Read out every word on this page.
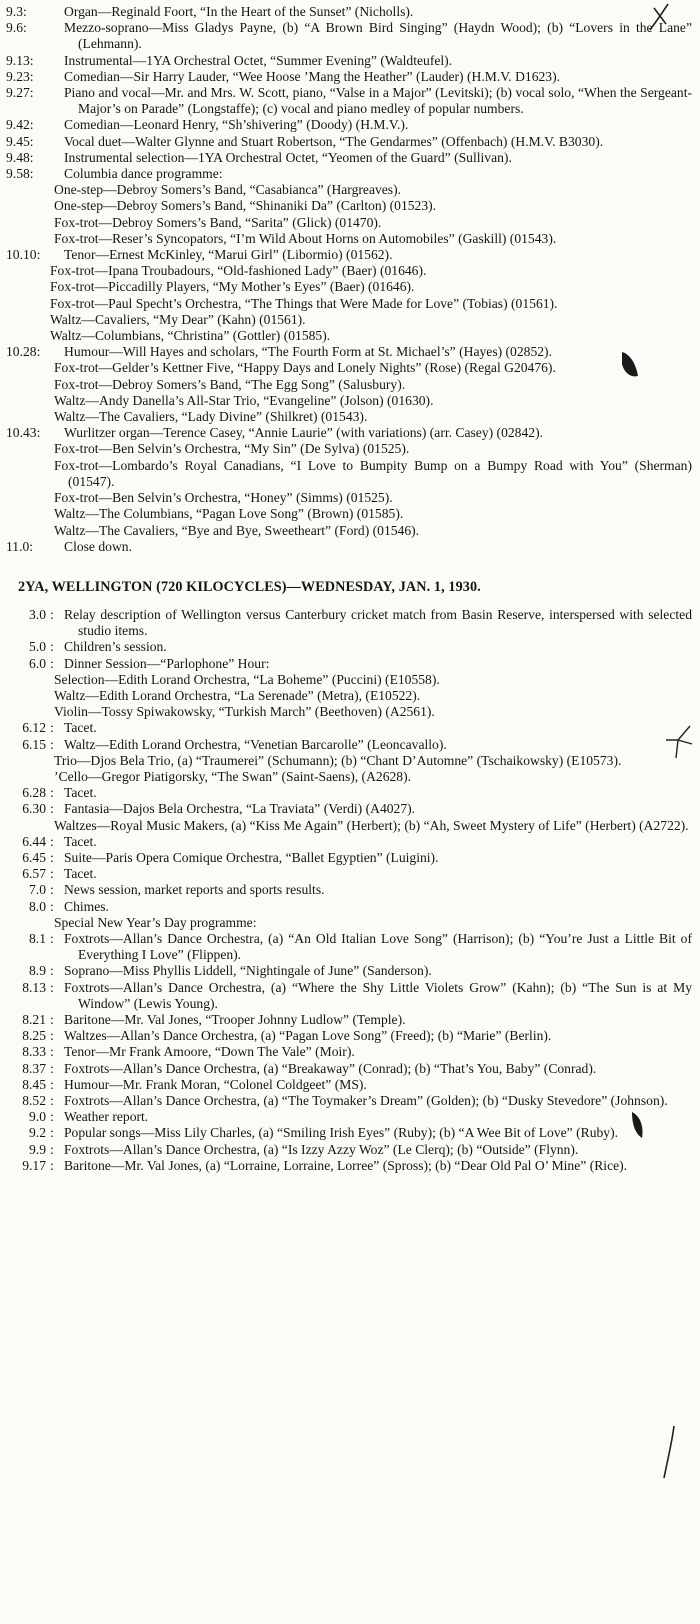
9.3:	Organ—Reginald Foort, “In the Heart of the Sunset” (Nicholls).
9.6:	Mezzo-soprano—Miss Gladys Payne, (b) “A Brown Bird Singing” (Haydn Wood); (b) “Lovers in the Lane” (Lehmann).
9.13:	Instrumental—1YA Orchestral Octet, “Summer Evening” (Waldteufel).
9.23:	Comedian—Sir Harry Lauder, “Wee Hoose ’Mang the Heather” (Lauder) (H.M.V. D1623).
9.27:	Piano and vocal—Mr. and Mrs. W. Scott, piano, “Valse in a Major” (Levitski); (b) vocal solo, “When the Sergeant-Major’s on Parade” (Longstaffe); (c) vocal and piano medley of popular numbers.
9.42:	Comedian—Leonard Henry, “Sh’shivering” (Doody) (H.M.V.).
9.45:	Vocal duet—Walter Glynne and Stuart Robertson, “The Gendarmes” (Offenbach) (H.M.V. B3030).
9.48:	Instrumental selection—1YA Orchestral Octet, “Yeomen of the Guard” (Sullivan).
9.58:	Columbia dance programme:
One-step—Debroy Somers’s Band, “Casabianca” (Hargreaves).
One-step—Debroy Somers’s Band, “Shinaniki Da” (Carlton) (01523).
Fox-trot—Debroy Somers’s Band, “Sarita” (Glick) (01470).
Fox-trot—Reser’s Syncopators, “I’m Wild About Horns on Automobiles” (Gaskill) (01543).
10.10:	Tenor—Ernest McKinley, “Marui Girl” (Libormio) (01562).
Fox-trot—Ipana Troubadours, “Old-fashioned Lady” (Baer) (01646).
Fox-trot—Piccadilly Players, “My Mother’s Eyes” (Baer) (01646).
Fox-trot—Paul Specht’s Orchestra, “The Things that Were Made for Love” (Tobias) (01561).
Waltz—Cavaliers, “My Dear” (Kahn) (01561).
Waltz—Columbians, “Christina” (Gottler) (01585).
10.28:	Humour—Will Hayes and scholars, “The Fourth Form at St. Michael’s” (Hayes) (02852).
Fox-trot—Gelder’s Kettner Five, “Happy Days and Lonely Nights” (Rose) (Regal G20476).
Fox-trot—Debroy Somers’s Band, “The Egg Song” (Salusbury).
Waltz—Andy Danella’s All-Star Trio, “Evangeline” (Jolson) (01630).
Waltz—The Cavaliers, “Lady Divine” (Shilkret) (01543).
10.43:	Wurlitzer organ—Terence Casey, “Annie Laurie” (with variations) (arr. Casey) (02842).
Fox-trot—Ben Selvin’s Orchestra, “My Sin” (De Sylva) (01525).
Fox-trot—Lombardo’s Royal Canadians, “I Love to Bumpity Bump on a Bumpy Road with You” (Sherman) (01547).
Fox-trot—Ben Selvin’s Orchestra, “Honey” (Simms) (01525).
Waltz—The Columbians, “Pagan Love Song” (Brown) (01585).
Waltz—The Cavaliers, “Bye and Bye, Sweetheart” (Ford) (01546).
11.0:	Close down.
2YA, WELLINGTON (720 KILOCYCLES)—WEDNESDAY, JAN. 1, 1930.
3.0 : Relay description of Wellington versus Canterbury cricket match from Basin Reserve, interspersed with selected studio items.
5.0 : Children’s session.
6.0 : Dinner Session—“Parlophone” Hour:
Selection—Edith Lorand Orchestra, “La Boheme” (Puccini) (E10558).
Waltz—Edith Lorand Orchestra, “La Serenade” (Metra), (E10522).
Violin—Tossy Spiwakowsky, “Turkish March” (Beethoven) (A2561).
6.12 : Tacet.
6.15 : Waltz—Edith Lorand Orchestra, “Venetian Barcarolle” (Leoncavallo).
Trio—Djos Bela Trio, (a) “Traumerei” (Schumann); (b) “Chant D’Automne” (Tschaikowsky) (E10573).
’Cello—Gregor Piatigorsky, “The Swan” (Saint-Saens), (A2628).
6.28 : Tacet.
6.30 : Fantasia—Dajos Bela Orchestra, “La Traviata” (Verdi) (A4027).
Waltzes—Royal Music Makers, (a) “Kiss Me Again” (Herbert); (b) “Ah, Sweet Mystery of Life” (Herbert) (A2722).
6.44 : Tacet.
6.45 : Suite—Paris Opera Comique Orchestra, “Ballet Egyptien” (Luigini).
6.57 : Tacet.
7.0 : News session, market reports and sports results.
8.0 : Chimes.
Special New Year’s Day programme:
8.1 : Foxtrots—Allan’s Dance Orchestra, (a) “An Old Italian Love Song” (Harrison); (b) “You’re Just a Little Bit of Everything I Love” (Flippen).
8.9 : Soprano—Miss Phyllis Liddell, “Nightingale of June” (Sanderson).
8.13 : Foxtrots—Allan’s Dance Orchestra, (a) “Where the Shy Little Violets Grow” (Kahn); (b) “The Sun is at My Window” (Lewis Young).
8.21 : Baritone—Mr. Val Jones, “Trooper Johnny Ludlow” (Temple).
8.25 : Waltzes—Allan’s Dance Orchestra, (a) “Pagan Love Song” (Freed); (b) “Marie” (Berlin).
8.33 : Tenor—Mr Frank Amoore, “Down The Vale” (Moir).
8.37 : Foxtrots—Allan’s Dance Orchestra, (a) “Breakaway” (Conrad); (b) “That’s You, Baby” (Conrad).
8.45 : Humour—Mr. Frank Moran, “Colonel Coldgeet” (MS).
8.52 : Foxtrots—Allan’s Dance Orchestra, (a) “The Toymaker’s Dream” (Golden); (b) “Dusky Stevedore” (Johnson).
9.0 : Weather report.
9.2 : Popular songs—Miss Lily Charles, (a) “Smiling Irish Eyes” (Ruby); (b) “A Wee Bit of Love” (Ruby).
9.9 : Foxtrots—Allan’s Dance Orchestra, (a) “Is Izzy Azzy Woz” (Le Clerq); (b) “Outside” (Flynn).
9.17 : Baritone—Mr. Val Jones, (a) “Lorraine, Lorraine, Lorree” (Spross); (b) “Dear Old Pal O’ Mine” (Rice).
